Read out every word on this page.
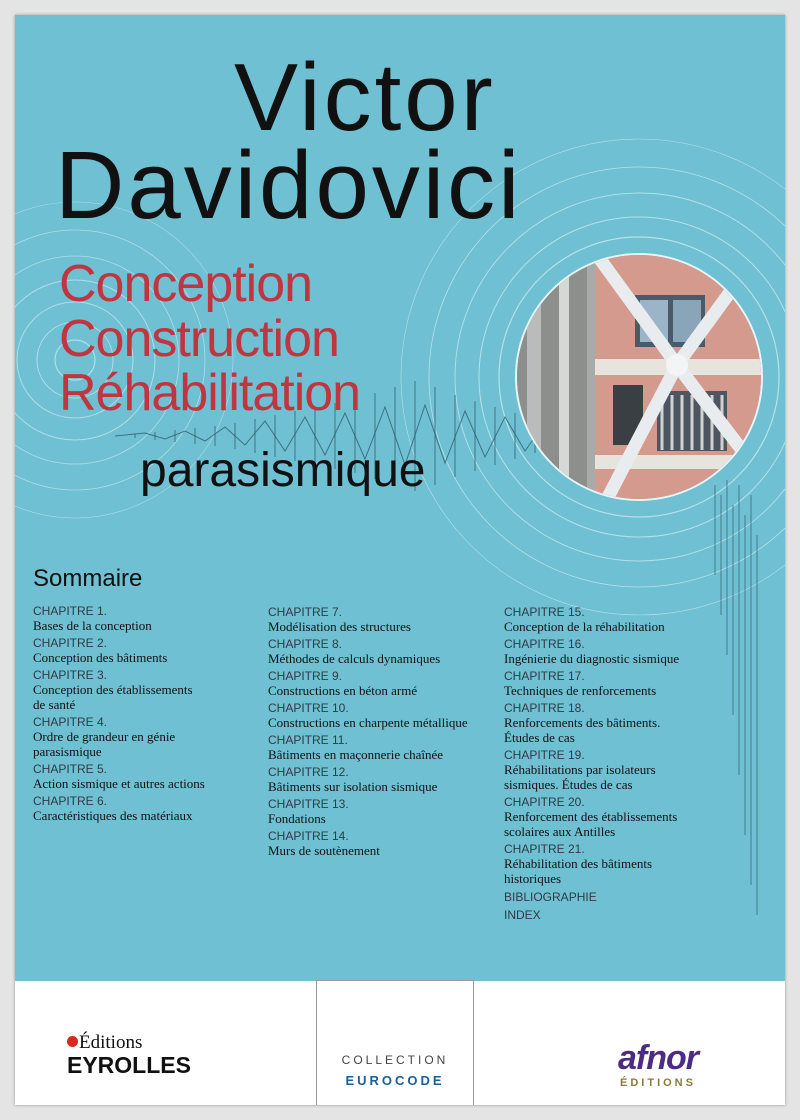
Victor
Davidovici
Conception
Construction
Réhabilitation
parasismique
Sommaire
CHAPITRE 1.
Bases de la conception
CHAPITRE 2.
Conception des bâtiments
CHAPITRE 3.
Conception des établissements
de santé
CHAPITRE 4.
Ordre de grandeur en génie
parasismique
CHAPITRE 5.
Action sismique et autres actions
CHAPITRE 6.
Caractéristiques des matériaux
CHAPITRE 7.
Modélisation des structures
CHAPITRE 8.
Méthodes de calculs dynamiques
CHAPITRE 9.
Constructions en béton armé
CHAPITRE 10.
Constructions en charpente métallique
CHAPITRE 11.
Bâtiments en maçonnerie chaînée
CHAPITRE 12.
Bâtiments sur isolation sismique
CHAPITRE 13.
Fondations
CHAPITRE 14.
Murs de soutènement
CHAPITRE 15.
Conception de la réhabilitation
CHAPITRE 16.
Ingénierie du diagnostic sismique
CHAPITRE 17.
Techniques de renforcements
CHAPITRE 18.
Renforcements des bâtiments.
Études de cas
CHAPITRE 19.
Réhabilitations par isolateurs
sismiques. Études de cas
CHAPITRE 20.
Renforcement des établissements
scolaires aux Antilles
CHAPITRE 21.
Réhabilitation des bâtiments
historiques
BIBLIOGRAPHIE
INDEX
Éditions
EYROLLES	COLLECTION
EUROCODE
afnor
ÉDITIONS
